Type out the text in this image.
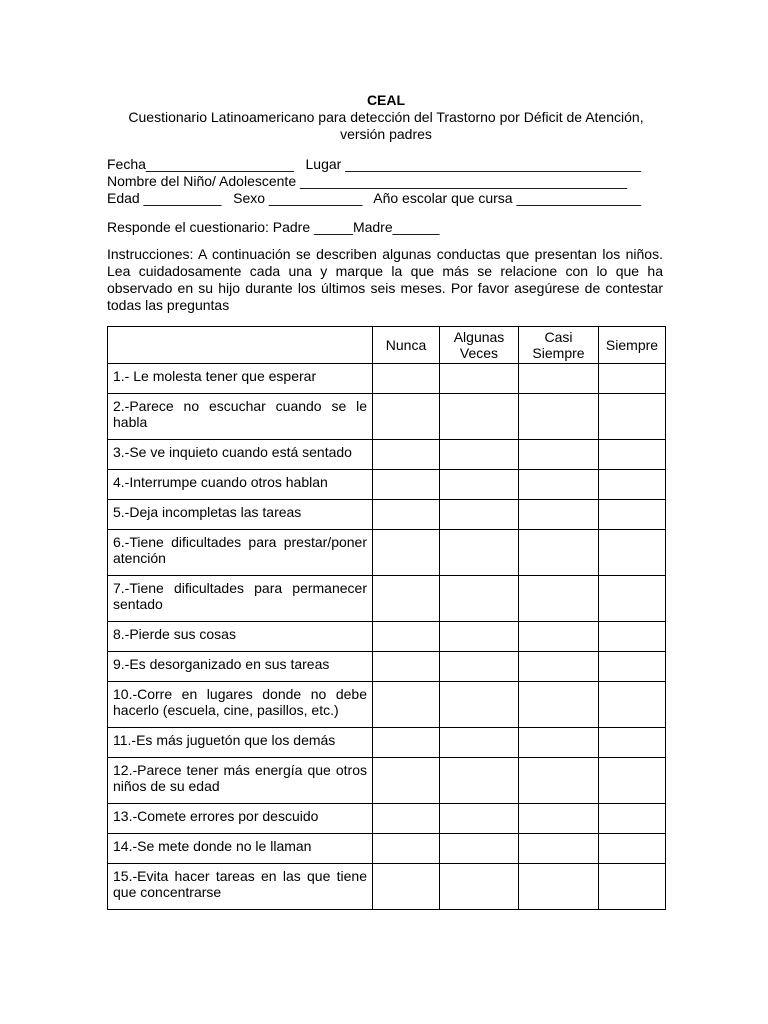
CEAL
Cuestionario Latinoamericano para detección del Trastorno por Déficit de Atención,
versión padres
Fecha___________________   Lugar ______________________________________
Nombre del Niño/ Adolescente __________________________________________
Edad __________   Sexo ____________   Año escolar que cursa ________________
Responde el cuestionario: Padre _____Madre______
Instrucciones: A continuación se describen algunas conductas que presentan los niños. Lea cuidadosamente cada una y marque la que más se relacione con lo que ha observado en su hijo durante los últimos seis meses. Por favor asegúrese de contestar todas las preguntas
	Nunca	Algunas Veces	Casi Siempre	Siempre
1.- Le molesta tener que esperar				
2.-Parece no escuchar cuando se le habla				
3.-Se ve inquieto cuando está sentado				
4.-Interrumpe cuando otros hablan				
5.-Deja incompletas las tareas				
6.-Tiene dificultades para prestar/poner atención				
7.-Tiene dificultades para permanecer sentado				
8.-Pierde sus cosas				
9.-Es desorganizado en sus tareas				
10.-Corre en lugares donde no debe hacerlo (escuela, cine, pasillos, etc.)				
11.-Es más juguetón que los demás				
12.-Parece tener más energía que otros niños de su edad				
13.-Comete errores por descuido				
14.-Se mete donde no le llaman				
15.-Evita hacer tareas en las que tiene que concentrarse				
